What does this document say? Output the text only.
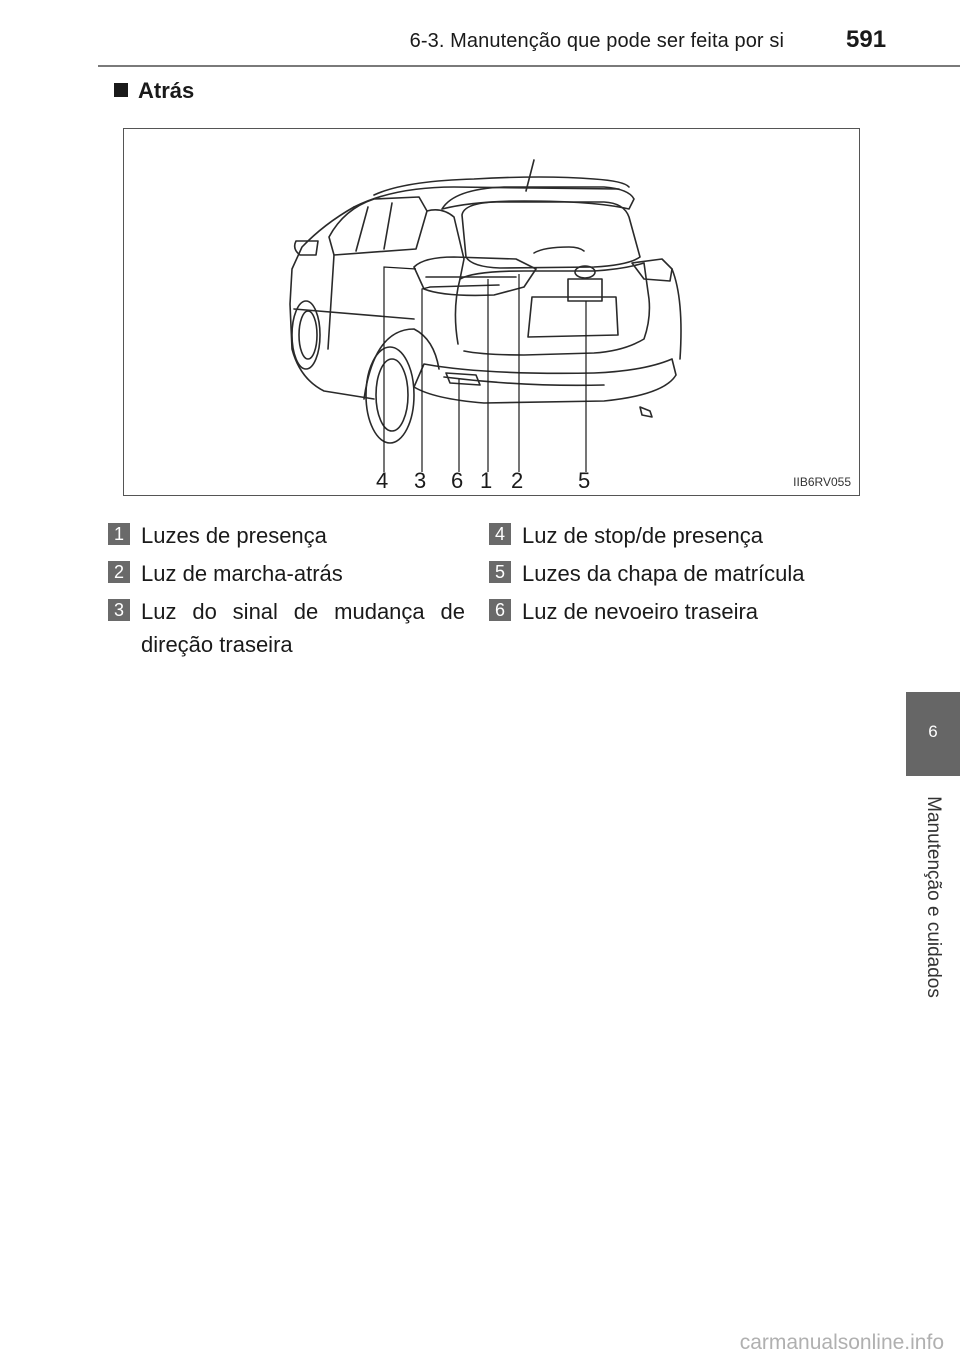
6-3. Manutenção que pode ser feita por si	591
6
Manutenção e cuidados
Atrás
4 3 6 1 2 5	IIB6RV055
1 Luzes de presença
2 Luz de marcha-atrás
3 Luz do sinal de mudança de direção traseira
4 Luz de stop/de presença
5 Luzes da chapa de matrícula
6 Luz de nevoeiro traseira
carmanualsonline.info
